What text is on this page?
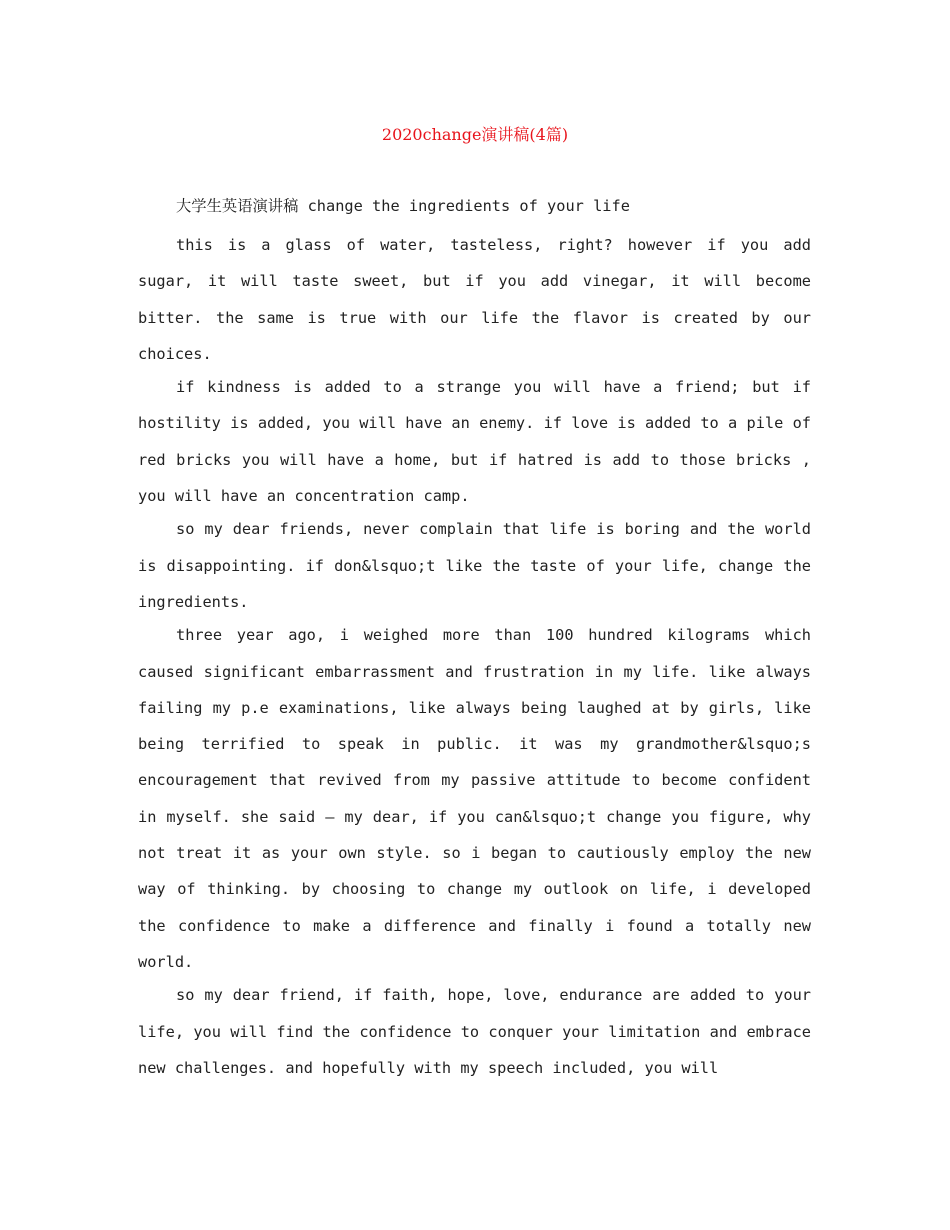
2020change演讲稿(4篇)

大学生英语演讲稿 change the ingredients of your life

this is a glass of water, tasteless, right? however if you add sugar, it will taste sweet, but if you add vinegar, it will become bitter. the same is true with our life the flavor is created by our choices.

if kindness is added to a strange you will have a friend; but if hostility is added, you will have an enemy. if love is added to a pile of red bricks you will have a home, but if hatred is add to those bricks , you will have an concentration camp.

so my dear friends, never complain that life is boring and the world is disappointing. if don&lsquo;t like the taste of your life, change the ingredients.

three year ago, i weighed more than 100 hundred kilograms which caused significant embarrassment and frustration in my life. like always failing my p.e examinations, like always being laughed at by girls, like being terrified to speak in public. it was my grandmother&lsquo;s encouragement that revived from my passive attitude to become confident in myself. she said — my dear, if you can&lsquo;t change you figure, why not treat it as your own style. so i began to cautiously employ the new way of thinking. by choosing to change my outlook on life, i developed the confidence to make a difference and finally i found a totally new world.

so my dear friend, if faith, hope, love, endurance are added to your life, you will find the confidence to conquer your limitation and embrace new challenges. and hopefully with my speech included, you will
